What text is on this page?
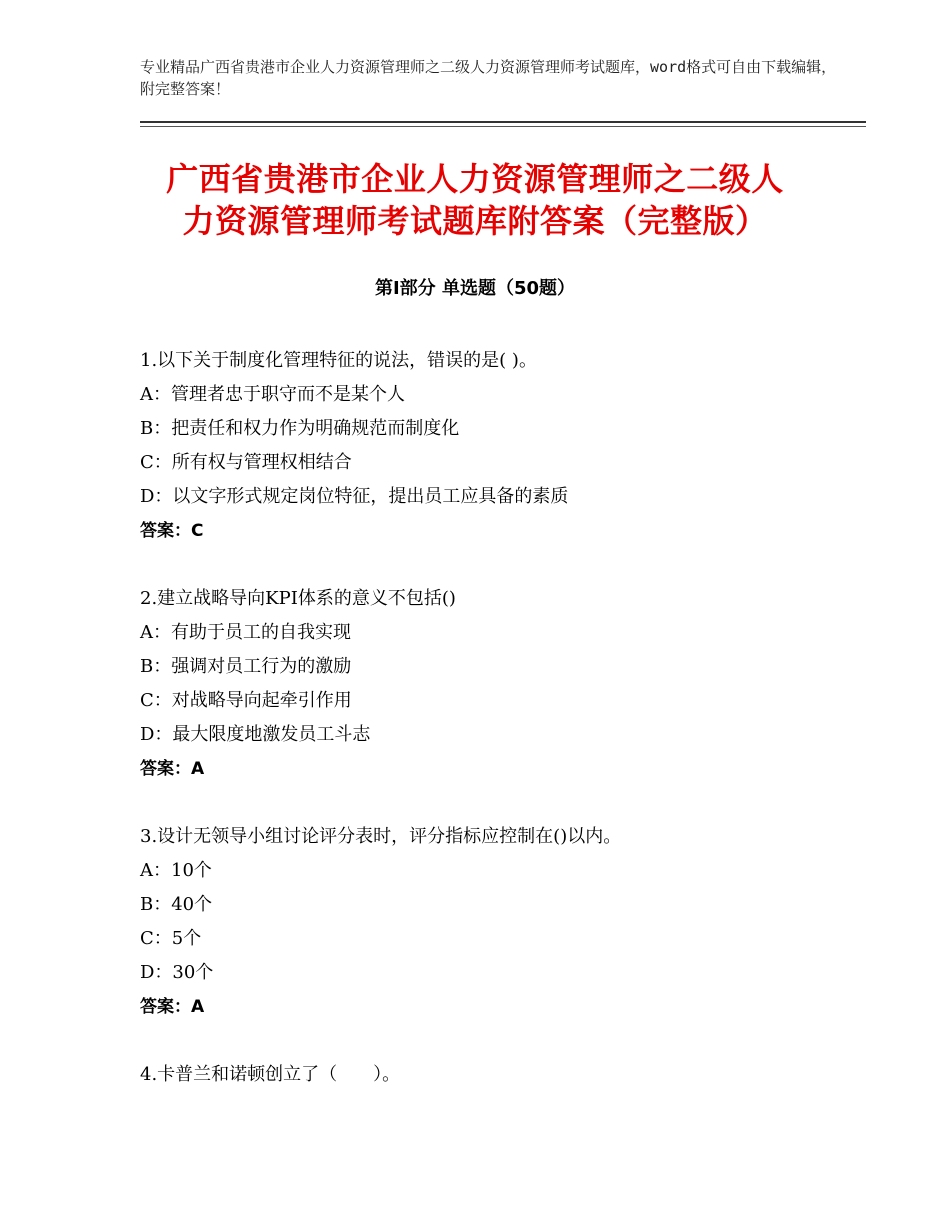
专业精品广西省贵港市企业人力资源管理师之二级人力资源管理师考试题库，word格式可自由下载编辑，附完整答案！
广西省贵港市企业人力资源管理师之二级人
力资源管理师考试题库附答案（完整版）
第Ⅰ部分 单选题（50题）
1.以下关于制度化管理特征的说法，错误的是( )。
A：管理者忠于职守而不是某个人
B：把责任和权力作为明确规范而制度化
C：所有权与管理权相结合
D：以文字形式规定岗位特征，提出员工应具备的素质
答案：C
2.建立战略导向KPI体系的意义不包括()
A：有助于员工的自我实现
B：强调对员工行为的激励
C：对战略导向起牵引作用
D：最大限度地激发员工斗志
答案：A
3.设计无领导小组讨论评分表时，评分指标应控制在()以内。
A：10个
B：40个
C：5个
D：30个
答案：A
4.卡普兰和诺顿创立了（　　）。
